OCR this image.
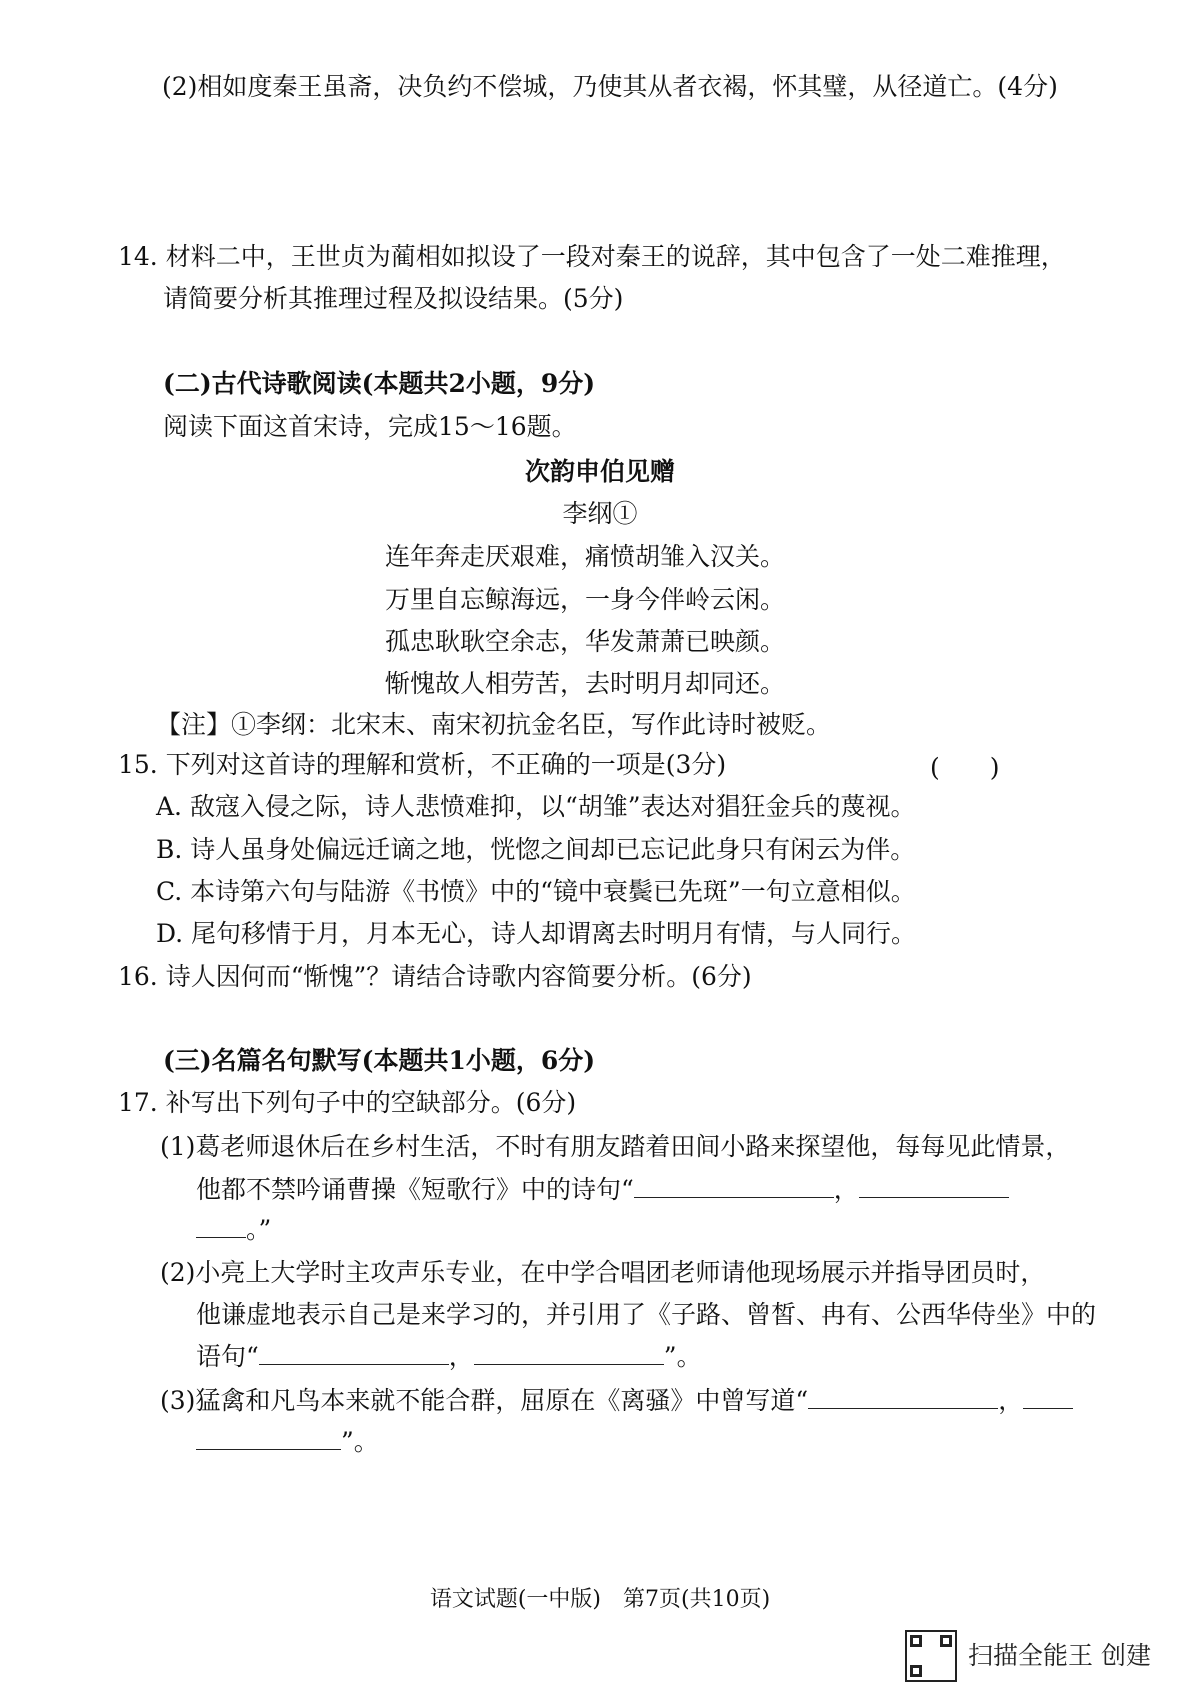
(2)相如度秦王虽斋，决负约不偿城，乃使其从者衣褐，怀其璧，从径道亡。(4分)
14. 材料二中，王世贞为蔺相如拟设了一段对秦王的说辞，其中包含了一处二难推理，
请简要分析其推理过程及拟设结果。(5分)
(二)古代诗歌阅读(本题共2小题，9分)
阅读下面这首宋诗，完成15～16题。
次韵申伯见赠
李纲①
连年奔走厌艰难，痛愤胡雏入汉关。
万里自忘鲸海远，一身今伴岭云闲。
孤忠耿耿空余志，华发萧萧已映颜。
惭愧故人相劳苦，去时明月却同还。
【注】①李纲：北宋末、南宋初抗金名臣，写作此诗时被贬。
15. 下列对这首诗的理解和赏析，不正确的一项是(3分)	(　　)
A. 敌寇入侵之际，诗人悲愤难抑，以“胡雏”表达对猖狂金兵的蔑视。
B. 诗人虽身处偏远迁谪之地，恍惚之间却已忘记此身只有闲云为伴。
C. 本诗第六句与陆游《书愤》中的“镜中衰鬓已先斑”一句立意相似。
D. 尾句移情于月，月本无心，诗人却谓离去时明月有情，与人同行。
16. 诗人因何而“惭愧”？请结合诗歌内容简要分析。(6分)
(三)名篇名句默写(本题共1小题，6分)
17. 补写出下列句子中的空缺部分。(6分)
(1)葛老师退休后在乡村生活，不时有朋友踏着田间小路来探望他，每每见此情景，
他都不禁吟诵曹操《短歌行》中的诗句“	，
。”
(2)小亮上大学时主攻声乐专业，在中学合唱团老师请他现场展示并指导团员时，
他谦虚地表示自己是来学习的，并引用了《子路、曾皙、冉有、公西华侍坐》中的
语句“	，	”。
(3)猛禽和凡鸟本来就不能合群，屈原在《离骚》中曾写道“	，
”。
语文试题(一中版)　第7页(共10页)
扫描全能王 创建
